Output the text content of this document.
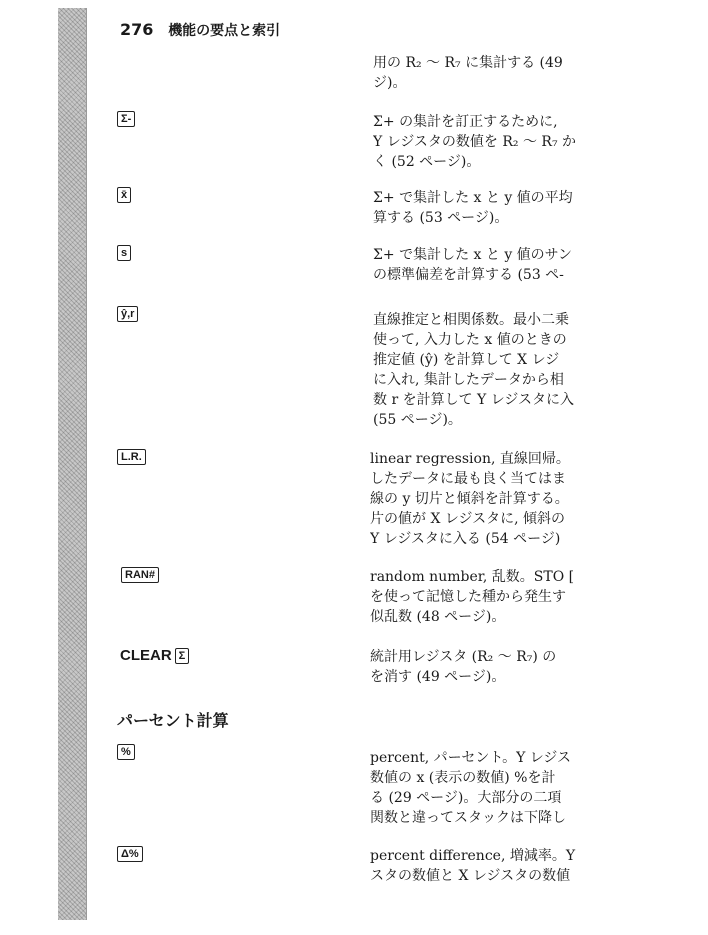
276 機能の要点と索引
用の R₂ ～ R₇ に集計する (49
ジ)。
Σ-	Σ+ の集計を訂正するために,
Y レジスタの数値を R₂ ～ R₇ か
く (52 ページ)。
x̄	Σ+ で集計した x と y 値の平均
算する (53 ページ)。
s	Σ+ で集計した x と y 値のサン
の標準偏差を計算する (53 ペ-
ŷ,r	直線推定と相関係数。最小二乗
使って, 入力した x 値のときの
推定値 (ŷ) を計算して X レジ
に入れ, 集計したデータから相
数 r を計算して Y レジスタに入
(55 ページ)。
L.R.	linear regression, 直線回帰。
したデータに最も良く当てはま
線の y 切片と傾斜を計算する。
片の値が X レジスタに, 傾斜の
Y レジスタに入る (54 ページ)
RAN#	random number, 乱数。STO [
を使って記憶した種から発生す
似乱数 (48 ページ)。
CLEAR Σ	統計用レジスタ (R₂ ～ R₇) の
を消す (49 ページ)。
パーセント計算
%	percent, パーセント。Y レジス
数値の x (表示の数値) %を計
る (29 ページ)。大部分の二項
関数と違ってスタックは下降し
Δ%	percent difference, 増減率。Y
スタの数値と X レジスタの数値
